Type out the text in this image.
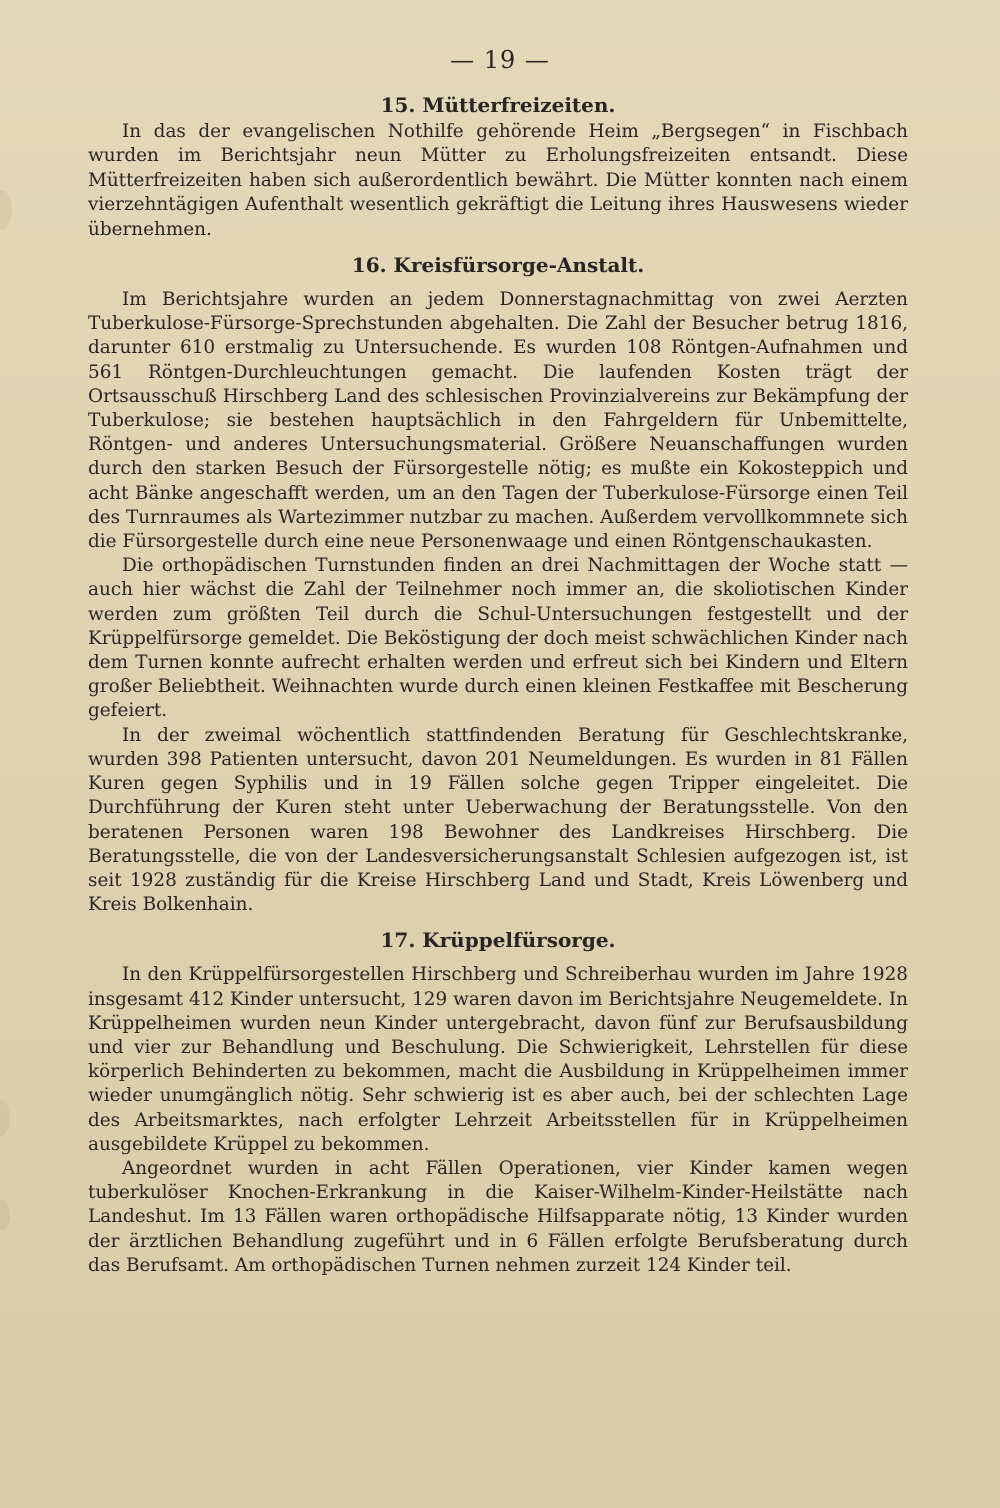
— 19 —
15. Mütterfreizeiten.

In das der evangelischen Nothilfe gehörende Heim „Bergsegen“ in Fischbach wurden im Berichtsjahr neun Mütter zu Erholungsfreizeiten entsandt. Diese Mütterfreizeiten haben sich außerordentlich bewährt. Die Mütter konnten nach einem vierzehntägigen Aufenthalt wesentlich gekräftigt die Leitung ihres Hauswesens wieder übernehmen.

16. Kreisfürsorge-Anstalt.

Im Berichtsjahre wurden an jedem Donnerstagnachmittag von zwei Aerzten Tuberkulose-Fürsorge-Sprechstunden abgehalten. Die Zahl der Besucher betrug 1816, darunter 610 erstmalig zu Untersuchende. Es wurden 108 Röntgen-Aufnahmen und 561 Röntgen-Durchleuchtungen gemacht. Die laufenden Kosten trägt der Ortsausschuß Hirschberg Land des schlesischen Provinzialvereins zur Bekämpfung der Tuberkulose; sie bestehen hauptsächlich in den Fahrgeldern für Unbemittelte, Röntgen- und anderes Untersuchungsmaterial. Größere Neuanschaffungen wurden durch den starken Besuch der Fürsorgestelle nötig; es mußte ein Kokosteppich und acht Bänke angeschafft werden, um an den Tagen der Tuberkulose-Fürsorge einen Teil des Turnraumes als Wartezimmer nutzbar zu machen. Außerdem vervollkommnete sich die Fürsorgestelle durch eine neue Personenwaage und einen Röntgenschaukasten.

Die orthopädischen Turnstunden finden an drei Nachmittagen der Woche statt — auch hier wächst die Zahl der Teilnehmer noch immer an, die skoliotischen Kinder werden zum größten Teil durch die Schul-Untersuchungen festgestellt und der Krüppelfürsorge gemeldet. Die Beköstigung der doch meist schwächlichen Kinder nach dem Turnen konnte aufrecht erhalten werden und erfreut sich bei Kindern und Eltern großer Beliebtheit. Weihnachten wurde durch einen kleinen Festkaffee mit Bescherung gefeiert.

In der zweimal wöchentlich stattfindenden Beratung für Geschlechtskranke, wurden 398 Patienten untersucht, davon 201 Neumeldungen. Es wurden in 81 Fällen Kuren gegen Syphilis und in 19 Fällen solche gegen Tripper eingeleitet. Die Durchführung der Kuren steht unter Ueberwachung der Beratungsstelle. Von den beratenen Personen waren 198 Bewohner des Landkreises Hirschberg. Die Beratungsstelle, die von der Landesversicherungsanstalt Schlesien aufgezogen ist, ist seit 1928 zuständig für die Kreise Hirschberg Land und Stadt, Kreis Löwenberg und Kreis Bolkenhain.

17. Krüppelfürsorge.

In den Krüppelfürsorgestellen Hirschberg und Schreiberhau wurden im Jahre 1928 insgesamt 412 Kinder untersucht, 129 waren davon im Berichtsjahre Neugemeldete. In Krüppelheimen wurden neun Kinder untergebracht, davon fünf zur Berufsausbildung und vier zur Behandlung und Beschulung. Die Schwierigkeit, Lehrstellen für diese körperlich Behinderten zu bekommen, macht die Ausbildung in Krüppelheimen immer wieder unumgänglich nötig. Sehr schwierig ist es aber auch, bei der schlechten Lage des Arbeitsmarktes, nach erfolgter Lehrzeit Arbeitsstellen für in Krüppelheimen ausgebildete Krüppel zu bekommen.

Angeordnet wurden in acht Fällen Operationen, vier Kinder kamen wegen tuberkulöser Knochen-Erkrankung in die Kaiser-Wilhelm-Kinder-Heilstätte nach Landeshut. Im 13 Fällen waren orthopädische Hilfsapparate nötig, 13 Kinder wurden der ärztlichen Behandlung zugeführt und in 6 Fällen erfolgte Berufsberatung durch das Berufsamt. Am orthopädischen Turnen nehmen zurzeit 124 Kinder teil.
